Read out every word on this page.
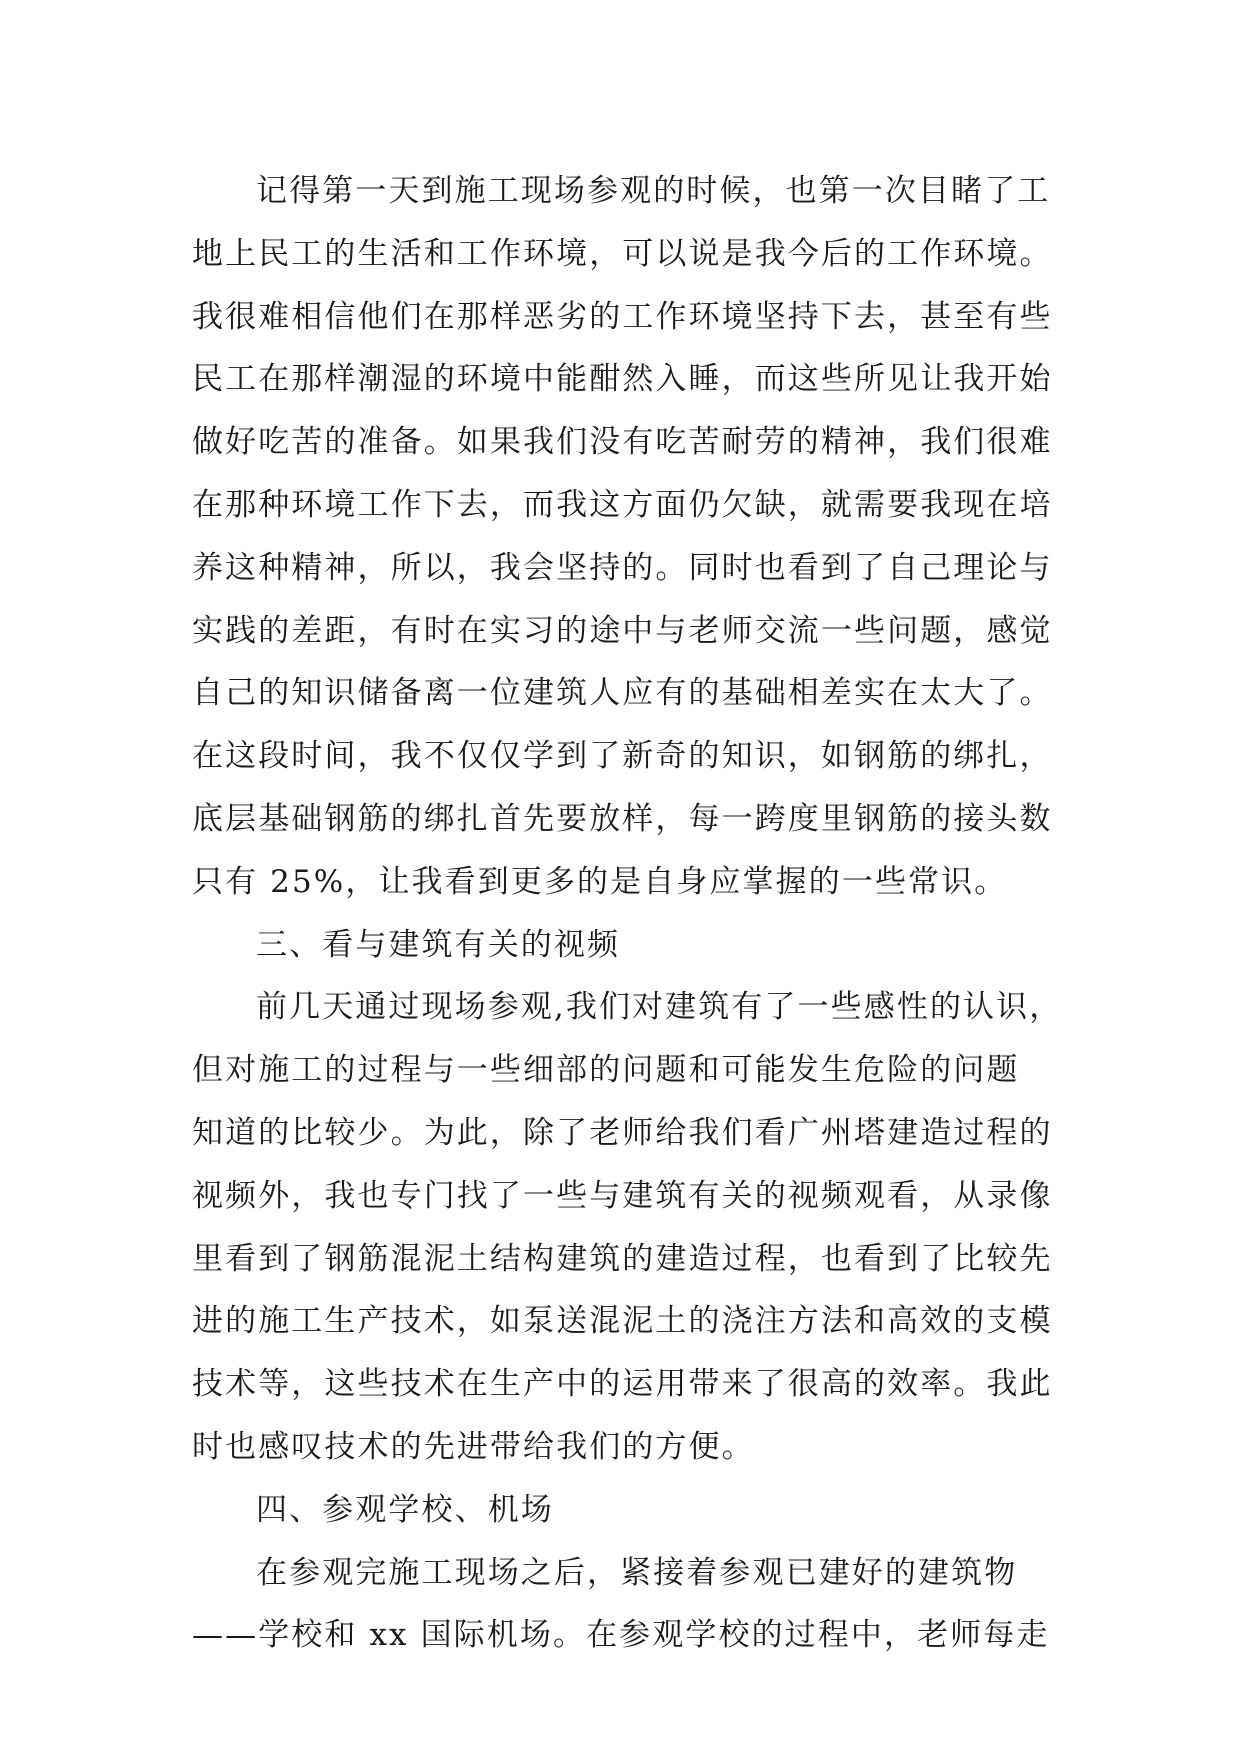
记得第一天到施工现场参观的时候，也第一次目睹了工
地上民工的生活和工作环境，可以说是我今后的工作环境。
我很难相信他们在那样恶劣的工作环境坚持下去，甚至有些
民工在那样潮湿的环境中能酣然入睡，而这些所见让我开始
做好吃苦的准备。如果我们没有吃苦耐劳的精神，我们很难
在那种环境工作下去，而我这方面仍欠缺，就需要我现在培
养这种精神，所以，我会坚持的。同时也看到了自己理论与
实践的差距，有时在实习的途中与老师交流一些问题，感觉
自己的知识储备离一位建筑人应有的基础相差实在太大了。
在这段时间，我不仅仅学到了新奇的知识，如钢筋的绑扎，
底层基础钢筋的绑扎首先要放样，每一跨度里钢筋的接头数
只有 25%，让我看到更多的是自身应掌握的一些常识。
三、看与建筑有关的视频
前几天通过现场参观,我们对建筑有了一些感性的认识，
但对施工的过程与一些细部的问题和可能发生危险的问题
知道的比较少。为此，除了老师给我们看广州塔建造过程的
视频外，我也专门找了一些与建筑有关的视频观看，从录像
里看到了钢筋混泥土结构建筑的建造过程，也看到了比较先
进的施工生产技术，如泵送混泥土的浇注方法和高效的支模
技术等，这些技术在生产中的运用带来了很高的效率。我此
时也感叹技术的先进带给我们的方便。
四、参观学校、机场
在参观完施工现场之后，紧接着参观已建好的建筑物
——学校和 xx 国际机场。在参观学校的过程中，老师每走
